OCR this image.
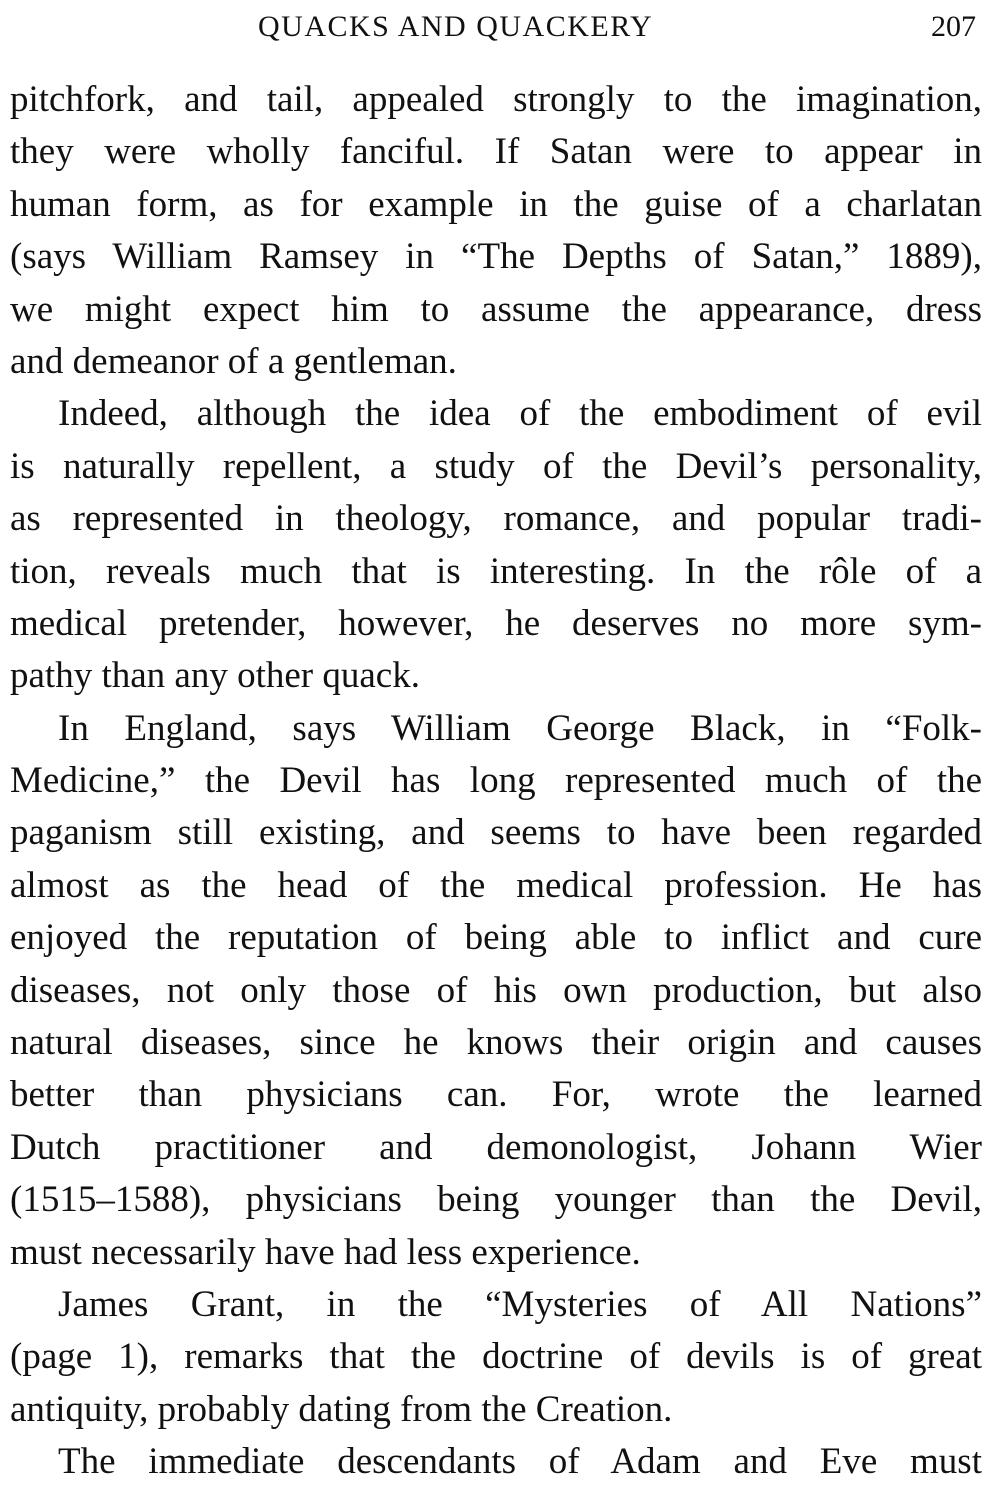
QUACKS AND QUACKERY	207
pitchfork, and tail, appealed strongly to the imagination,
they were wholly fanciful. If Satan were to appear in
human form, as for example in the guise of a charlatan
(says William Ramsey in “The Depths of Satan,” 1889),
we might expect him to assume the appearance, dress
and demeanor of a gentleman.
Indeed, although the idea of the embodiment of evil
is naturally repellent, a study of the Devil’s personality,
as represented in theology, romance, and popular tradi-
tion, reveals much that is interesting. In the rôle of a
medical pretender, however, he deserves no more sym-
pathy than any other quack.
In England, says William George Black, in “Folk-
Medicine,” the Devil has long represented much of the
paganism still existing, and seems to have been regarded
almost as the head of the medical profession. He has
enjoyed the reputation of being able to inflict and cure
diseases, not only those of his own production, but also
natural diseases, since he knows their origin and causes
better than physicians can. For, wrote the learned
Dutch practitioner and demonologist, Johann Wier
(1515–1588), physicians being younger than the Devil,
must necessarily have had less experience.
James Grant, in the “Mysteries of All Nations”
(page 1), remarks that the doctrine of devils is of great
antiquity, probably dating from the Creation.
The immediate descendants of Adam and Eve must
